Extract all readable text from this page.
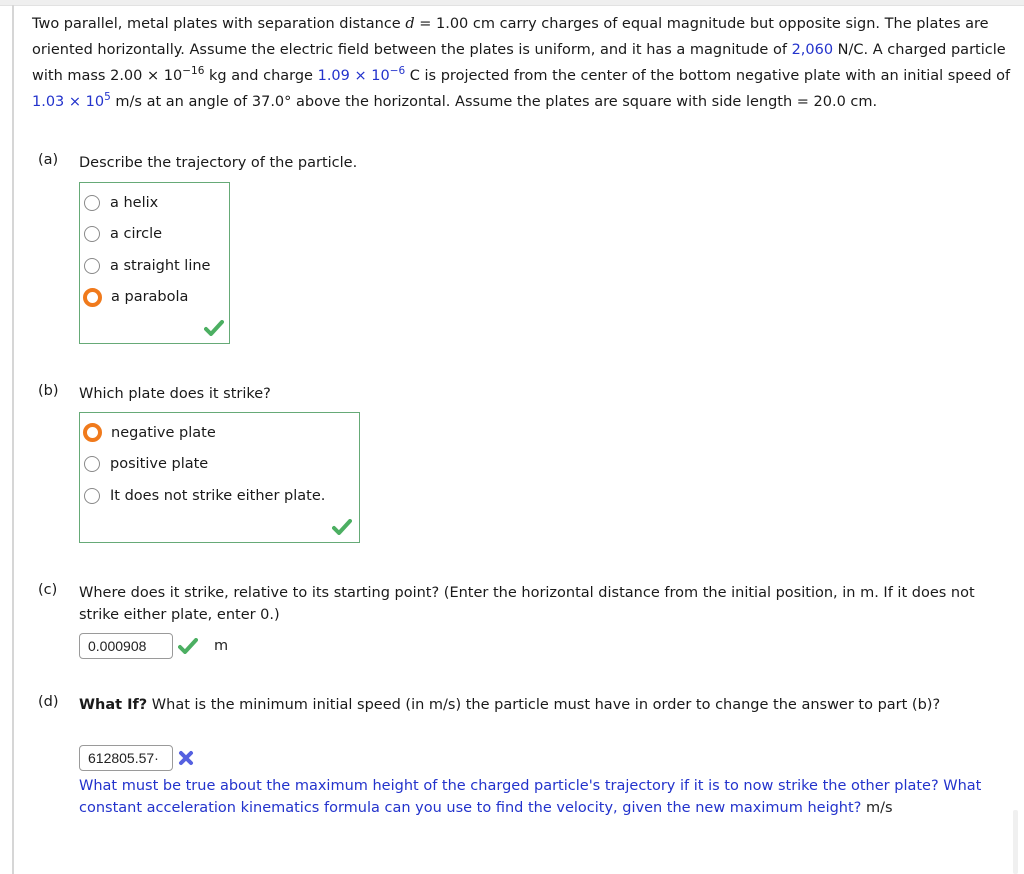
Two parallel, metal plates with separation distance d = 1.00 cm carry charges of equal magnitude but opposite sign. The plates are oriented horizontally. Assume the electric field between the plates is uniform, and it has a magnitude of 2,060 N/C. A charged particle with mass $2.00 \times 10^{-16}$ kg and charge $1.09 \times 10^{-6}$ C is projected from the center of the bottom negative plate with an initial speed of $1.03 \times 10^5$ m/s at an angle of 37.0° above the horizontal. Assume the plates are square with side length = 20.0 cm.

(a) Describe the trajectory of the particle.
a helix
a circle
a straight line
a parabola
(b) Which plate does it strike?
negative plate
positive plate
It does not strike either plate.
(c) Where does it strike, relative to its starting point? (Enter the horizontal distance from the initial position, in m. If it does not strike either plate, enter 0.)
0.000908	m
(d) What If? What is the minimum initial speed (in m/s) the particle must have in order to change the answer to part (b)?
612805.57·
What must be true about the maximum height of the charged particle's trajectory if it is to now strike the other plate? What constant acceleration kinematics formula can you use to find the velocity, given the new maximum height? m/s
